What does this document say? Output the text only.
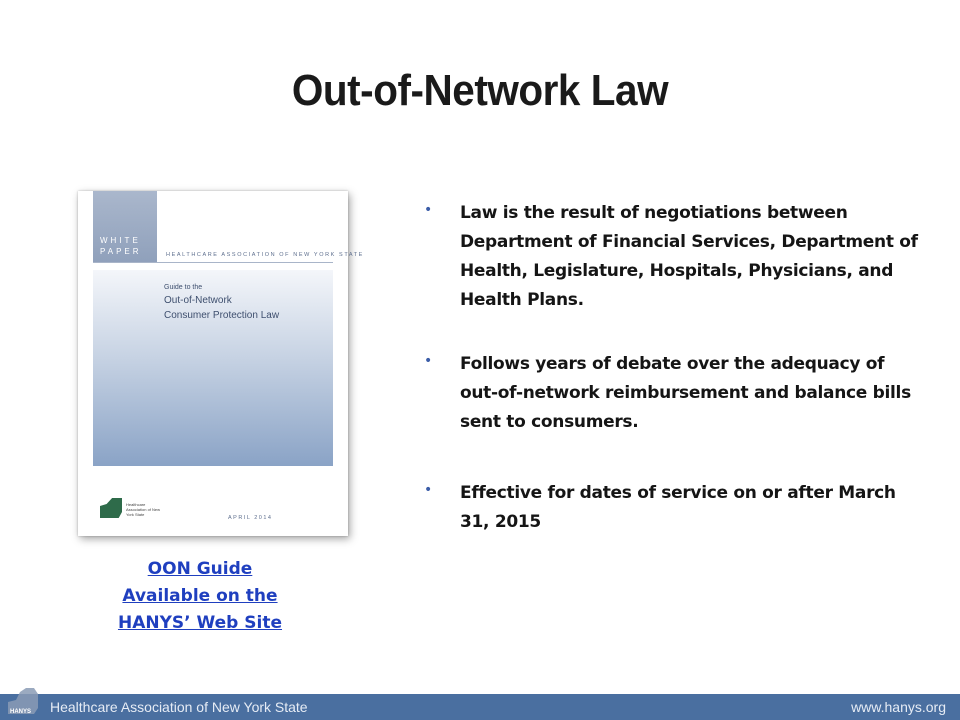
Out-of-Network Law
WHITE
PAPER	HEALTHCARE ASSOCIATION OF NEW YORK STATE
Guide to the
Out-of-Network
Consumer Protection Law
Healthcare Association of New York State
APRIL 2014
OON Guide
Available on the
HANYS’ Web Site
• Law is the result of negotiations between Department of Financial Services, Department of Health, Legislature, Hospitals, Physicians, and Health Plans.
• Follows years of debate over the adequacy of out-of-network reimbursement and balance bills sent to consumers.
• Effective for dates of service on or after March 31, 2015
HANYS Healthcare Association of New York State	www.hanys.org
